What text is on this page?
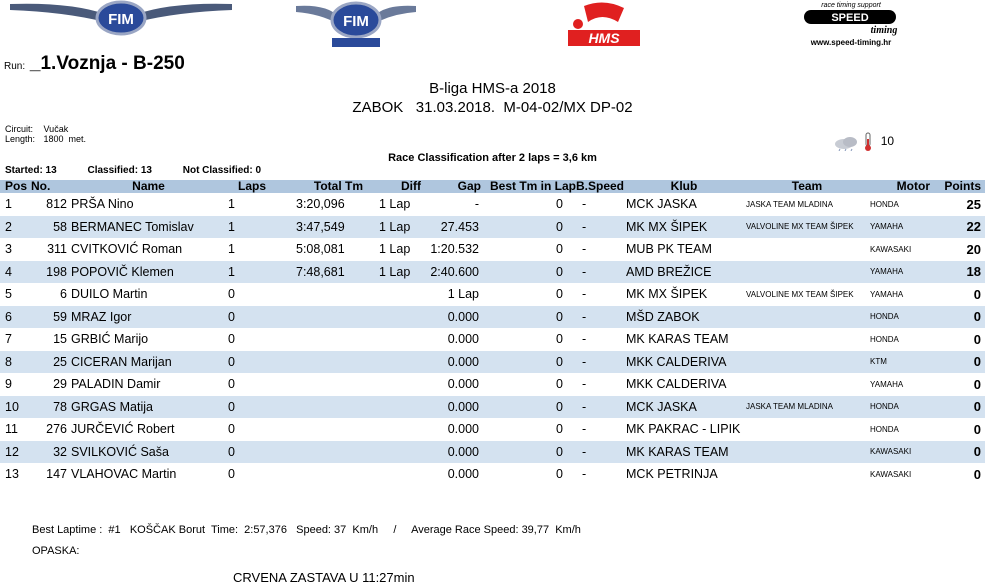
FIM	FIM
HMS
race timing support
SPEED
timing
www.speed-timing.hr
Run: _1.Voznja - B-250
B-liga HMS-a 2018
ZABOK   31.03.2018.  M-04-02/MX DP-02
Circuit: Vučak
Length: 1800  met.	10
Race Classification after 2 laps = 3,6 km
Started: 13	Classified: 13	Not Classified: 0
Pos	No.	Name	Laps	Total Tm	Diff	Gap	Best Tm in Lap	B.Speed	Klub	Team	Motor	Points
1	812	PRŠA Nino	1	3:20,096	1 Lap	-	0	-	MCK JASKA	JASKA TEAM MLADINA	HONDA	25
2	58	BERMANEC Tomislav	1	3:47,549	1 Lap	27.453	0	-	MK MX ŠIPEK	VALVOLINE MX TEAM ŠIPEK	YAMAHA	22
3	311	CVITKOVIĆ Roman	1	5:08,081	1 Lap	1:20.532	0	-	MUB PK TEAM		KAWASAKI	20
4	198	POPOVIČ Klemen	1	7:48,681	1 Lap	2:40.600	0	-	AMD BREŽICE		YAMAHA	18
5	6	DUILO Martin	0			1 Lap	0	-	MK MX ŠIPEK	VALVOLINE MX TEAM ŠIPEK	YAMAHA	0
6	59	MRAZ Igor	0			0.000	0	-	MŠD ZABOK		HONDA	0
7	15	GRBIĆ Marijo	0			0.000	0	-	MK KARAS TEAM		HONDA	0
8	25	CICERAN Marijan	0			0.000	0	-	MKK CALDERIVA		KTM	0
9	29	PALADIN Damir	0			0.000	0	-	MKK CALDERIVA		YAMAHA	0
10	78	GRGAS Matija	0			0.000	0	-	MCK JASKA	JASKA TEAM MLADINA	HONDA	0
11	276	JURČEVIĆ Robert	0			0.000	0	-	MK PAKRAC - LIPIK		HONDA	0
12	32	SVILKOVIĆ Saša	0			0.000	0	-	MK KARAS TEAM		KAWASAKI	0
13	147	VLAHOVAC Martin	0			0.000	0	-	MCK PETRINJA		KAWASAKI	0
Best Laptime :  #1   KOŠČAK Borut  Time:  2:57,376   Speed: 37  Km/h     /     Average Race Speed: 39,77  Km/h
OPASKA:
CRVENA ZASTAVA U 11:27min
